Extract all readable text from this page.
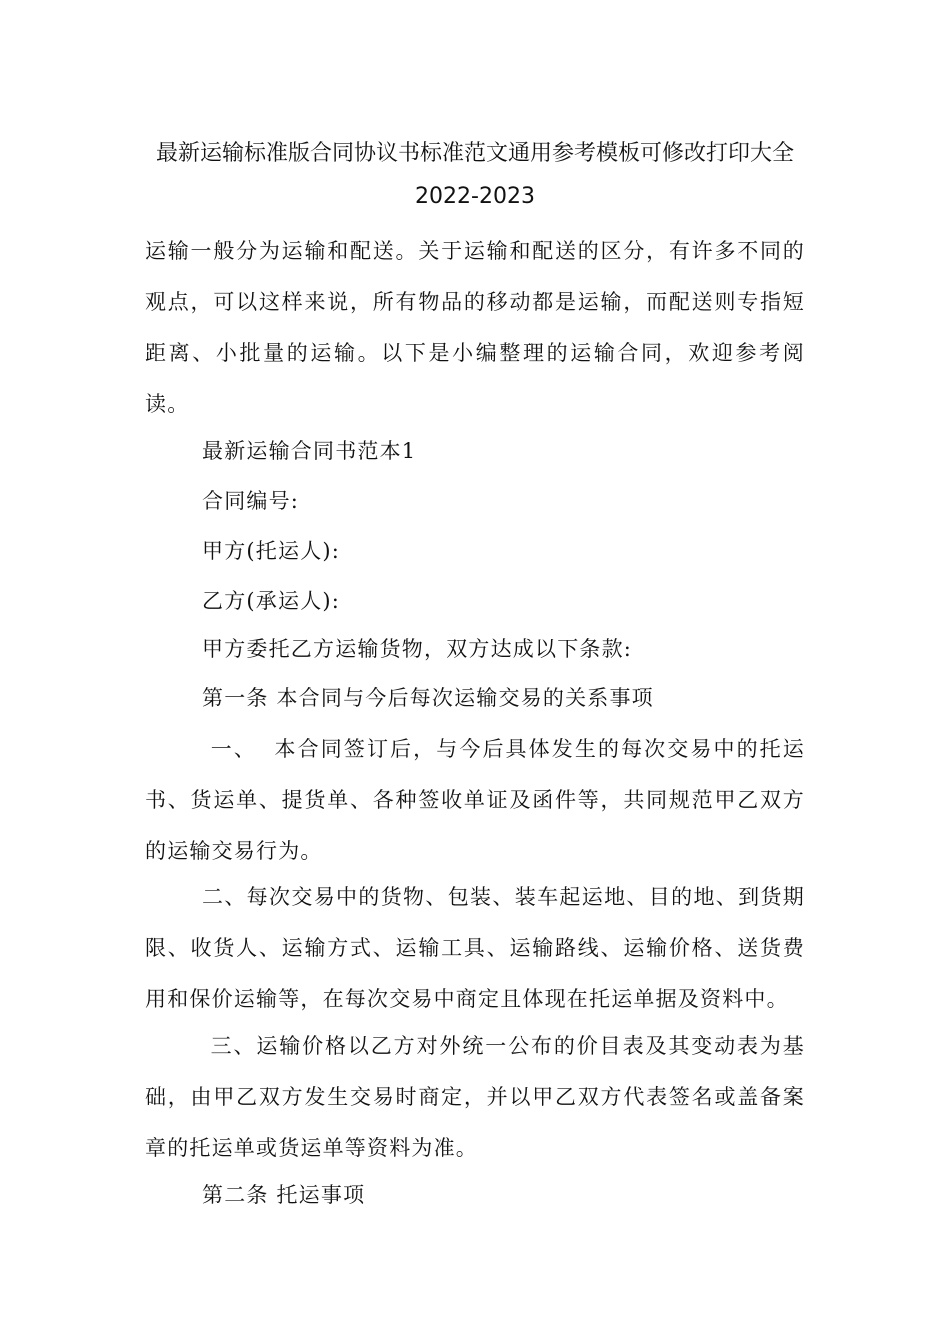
最新运输标准版合同协议书标准范文通用参考模板可修改打印大全
2022-2023
运输一般分为运输和配送。关于运输和配送的区分，有许多不同的观点，可以这样来说，所有物品的移动都是运输，而配送则专指短距离、小批量的运输。以下是小编整理的运输合同，欢迎参考阅读。
最新运输合同书范本1
合同编号:
甲方(托运人):
乙方(承运人):
甲方委托乙方运输货物，双方达成以下条款:
第一条 本合同与今后每次运输交易的关系事项
一、  本合同签订后，与今后具体发生的每次交易中的托运书、货运单、提货单、各种签收单证及函件等，共同规范甲乙双方的运输交易行为。
二、每次交易中的货物、包装、装车起运地、目的地、到货期限、收货人、运输方式、运输工具、运输路线、运输价格、送货费用和保价运输等，在每次交易中商定且体现在托运单据及资料中。
三、运输价格以乙方对外统一公布的价目表及其变动表为基础，由甲乙双方发生交易时商定，并以甲乙双方代表签名或盖备案章的托运单或货运单等资料为准。
第二条 托运事项
